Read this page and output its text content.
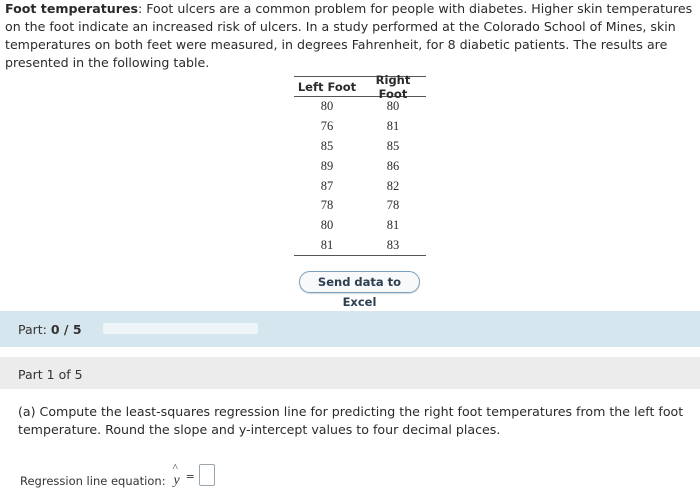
Foot temperatures: Foot ulcers are a common problem for people with diabetes. Higher skin temperatures on the foot indicate an increased risk of ulcers. In a study performed at the Colorado School of Mines, skin temperatures on both feet were measured, in degrees Fahrenheit, for 8 diabetic patients. The results are presented in the following table.
Left Foot	Right Foot
80	80
76	81
85	85
89	86
87	82
78	78
80	81
81	83
Send data to Excel
Part: 0 / 5
Part 1 of 5
(a) Compute the least-squares regression line for predicting the right foot temperatures from the left foot temperature. Round the slope and y-intercept values to four decimal places.
Regression line equation:
^
y =
